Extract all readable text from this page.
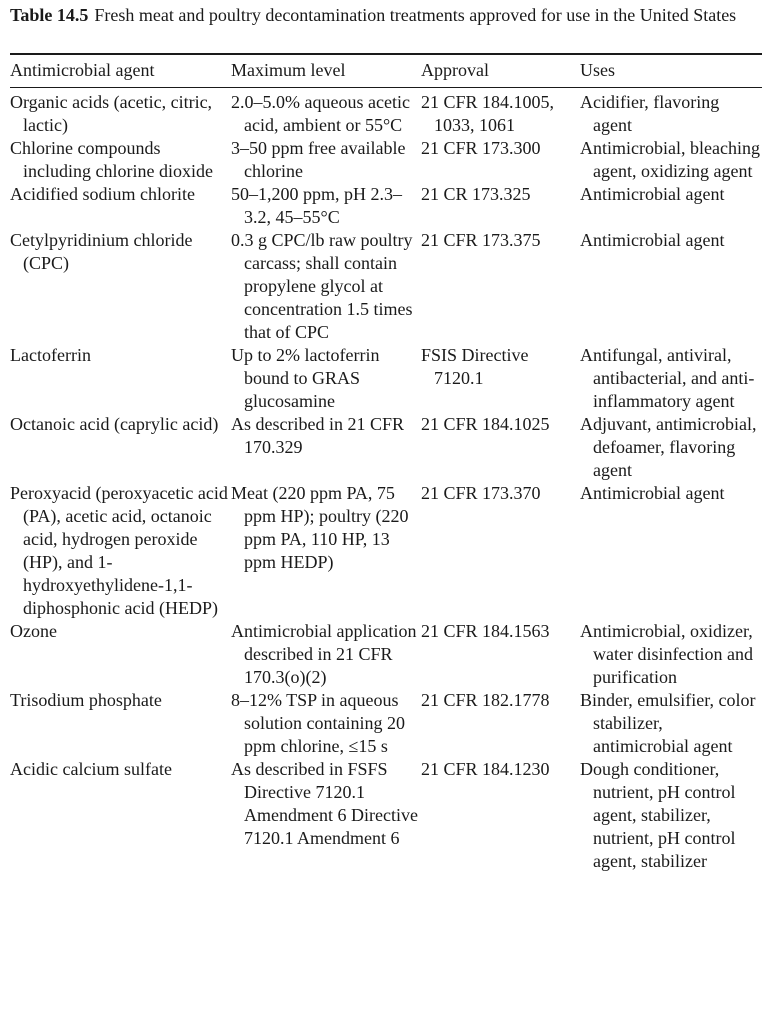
Table 14.5 Fresh meat and poultry decontamination treatments approved for use in the United States
Antimicrobial agent	Maximum level	Approval	Uses
Organic acids (acetic, citric, lactic)	2.0–5.0% aqueous acetic acid, ambient or 55°C	21 CFR 184.1005, 1033, 1061	Acidifier, flavoring agent

Chlorine compounds including chlorine dioxide	3–50 ppm free available chlorine	21 CFR 173.300	Antimicrobial, bleaching agent, oxidizing agent

Acidified sodium chlorite	50–1,200 ppm, pH 2.3–3.2, 45–55°C	21 CR 173.325	Antimicrobial agent

Cetylpyridinium chloride (CPC)	0.3 g CPC/lb raw poultry carcass; shall contain propylene glycol at concentration 1.5 times that of CPC	21 CFR 173.375	Antimicrobial agent

Lactoferrin	Up to 2% lactoferrin bound to GRAS glucosamine	FSIS Directive 7120.1	Antifungal, antiviral, antibacterial, and anti-inflammatory agent

Octanoic acid (caprylic acid)	As described in 21 CFR 170.329	21 CFR 184.1025	Adjuvant, antimicrobial, defoamer, flavoring agent

Peroxyacid (peroxyacetic acid (PA), acetic acid, octanoic acid, hydrogen peroxide (HP), and 1-hydroxyethylidene-1,1-diphosphonic acid (HEDP)	Meat (220 ppm PA, 75 ppm HP); poultry (220 ppm PA, 110 HP, 13 ppm HEDP)	21 CFR 173.370	Antimicrobial agent

Ozone	Antimicrobial application described in 21 CFR 170.3(o)(2)	21 CFR 184.1563	Antimicrobial, oxidizer, water disinfection and purification

Trisodium phosphate	8–12% TSP in aqueous solution containing 20 ppm chlorine, ≤15 s	21 CFR 182.1778	Binder, emulsifier, color stabilizer, antimicrobial agent

Acidic calcium sulfate	As described in FSFS Directive 7120.1 Amendment 6 Directive 7120.1 Amendment 6	21 CFR 184.1230	Dough conditioner, nutrient, pH control agent, stabilizer, nutrient, pH control agent, stabilizer
